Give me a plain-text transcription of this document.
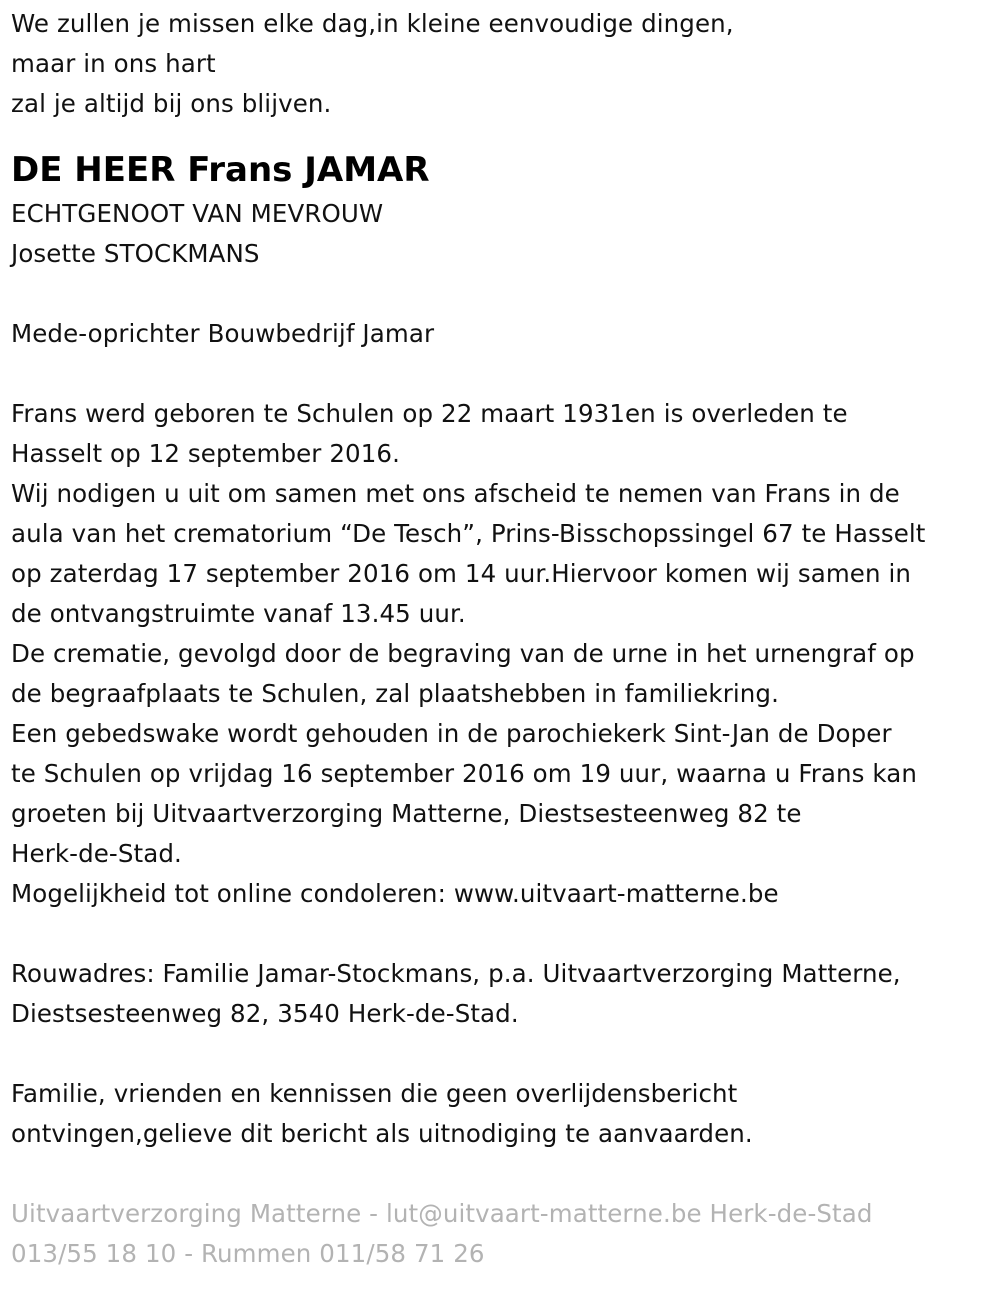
We zullen je missen elke dag,in kleine eenvoudige dingen,
maar in ons hart
zal je altijd bij ons blijven.
DE HEER Frans JAMAR
ECHTGENOOT VAN MEVROUW
Josette STOCKMANS
Mede-oprichter Bouwbedrijf Jamar
Frans werd geboren te Schulen op 22 maart 1931en is overleden te
Hasselt op 12 september 2016.
Wij nodigen u uit om samen met ons afscheid te nemen van Frans in de
aula van het crematorium “De Tesch”, Prins-Bisschopssingel 67 te Hasselt
op zaterdag 17 september 2016 om 14 uur.Hiervoor komen wij samen in
de ontvangstruimte vanaf 13.45 uur.
De crematie, gevolgd door de begraving van de urne in het urnengraf op
de begraafplaats te Schulen, zal plaatshebben in familiekring.
Een gebedswake wordt gehouden in de parochiekerk Sint-Jan de Doper
te Schulen op vrijdag 16 september 2016 om 19 uur, waarna u Frans kan
groeten bij Uitvaartverzorging Matterne, Diestsesteenweg 82 te
Herk-de-Stad.
Mogelijkheid tot online condoleren: www.uitvaart-matterne.be
Rouwadres: Familie Jamar-Stockmans, p.a. Uitvaartverzorging Matterne,
Diestsesteenweg 82, 3540 Herk-de-Stad.
Familie, vrienden en kennissen die geen overlijdensbericht
ontvingen,gelieve dit bericht als uitnodiging te aanvaarden.
Uitvaartverzorging Matterne - lut@uitvaart-matterne.be Herk-de-Stad
013/55 18 10 - Rummen 011/58 71 26
